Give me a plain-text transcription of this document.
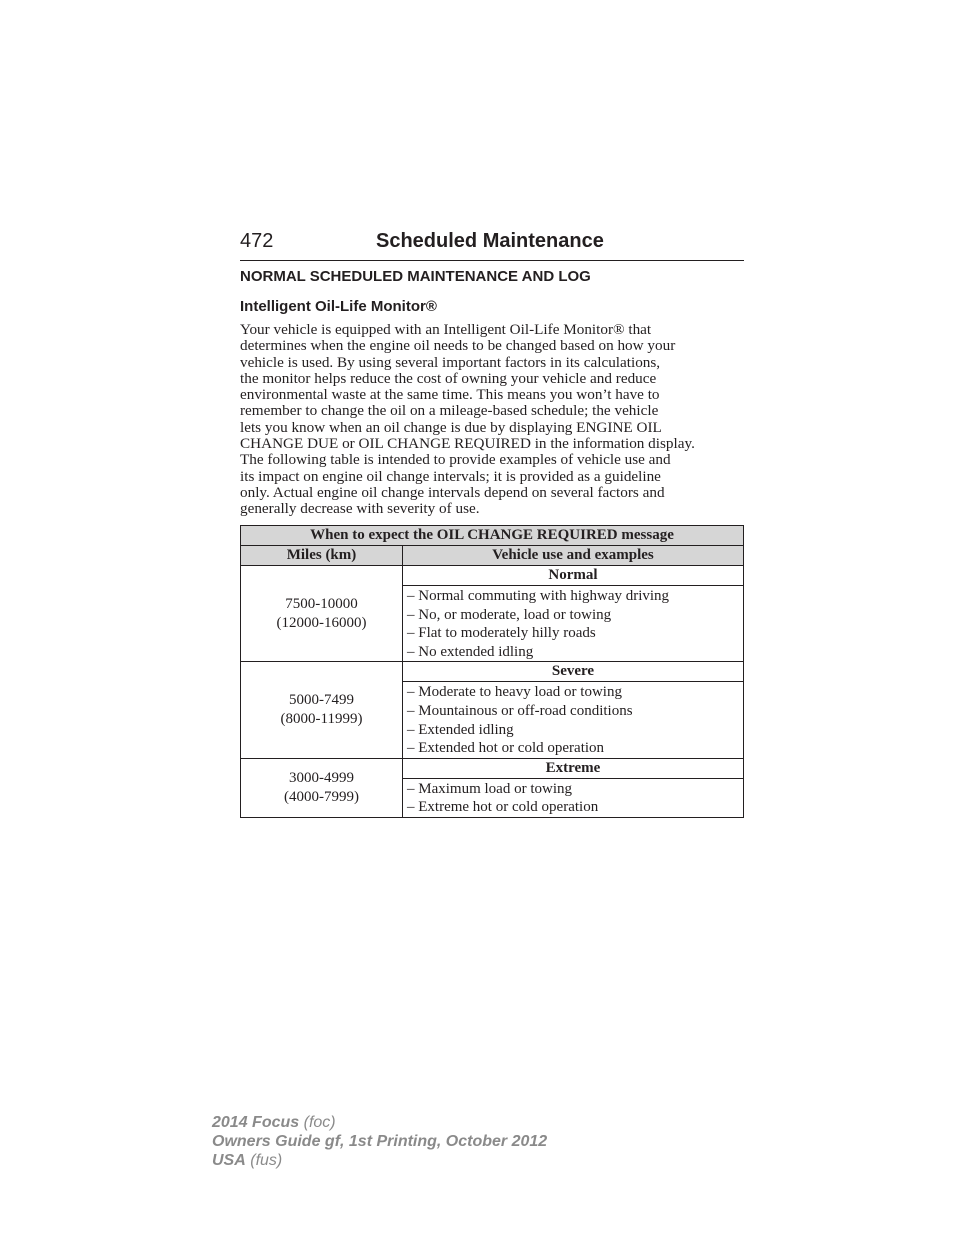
472	Scheduled Maintenance
NORMAL SCHEDULED MAINTENANCE AND LOG
Intelligent Oil-Life Monitor®
Your vehicle is equipped with an Intelligent Oil-Life Monitor® that
determines when the engine oil needs to be changed based on how your
vehicle is used. By using several important factors in its calculations,
the monitor helps reduce the cost of owning your vehicle and reduce
environmental waste at the same time. This means you won’t have to
remember to change the oil on a mileage-based schedule; the vehicle
lets you know when an oil change is due by displaying ENGINE OIL
CHANGE DUE or OIL CHANGE REQUIRED in the information display.
The following table is intended to provide examples of vehicle use and
its impact on engine oil change intervals; it is provided as a guideline
only. Actual engine oil change intervals depend on several factors and
generally decrease with severity of use.
When to expect the OIL CHANGE REQUIRED message	
Miles (km)	Vehicle use and examples

7500-10000
(12000-16000)	Normal

	– Normal commuting with highway driving
– No, or moderate, load or towing
– Flat to moderately hilly roads
– No extended idling

5000-7499
(8000-11999)	Severe

	– Moderate to heavy load or towing
– Mountainous or off-road conditions
– Extended idling
– Extended hot or cold operation

3000-4999
(4000-7999)	Extreme

	– Maximum load or towing
– Extreme hot or cold operation
2014 Focus (foc)
Owners Guide gf, 1st Printing, October 2012
USA (fus)
